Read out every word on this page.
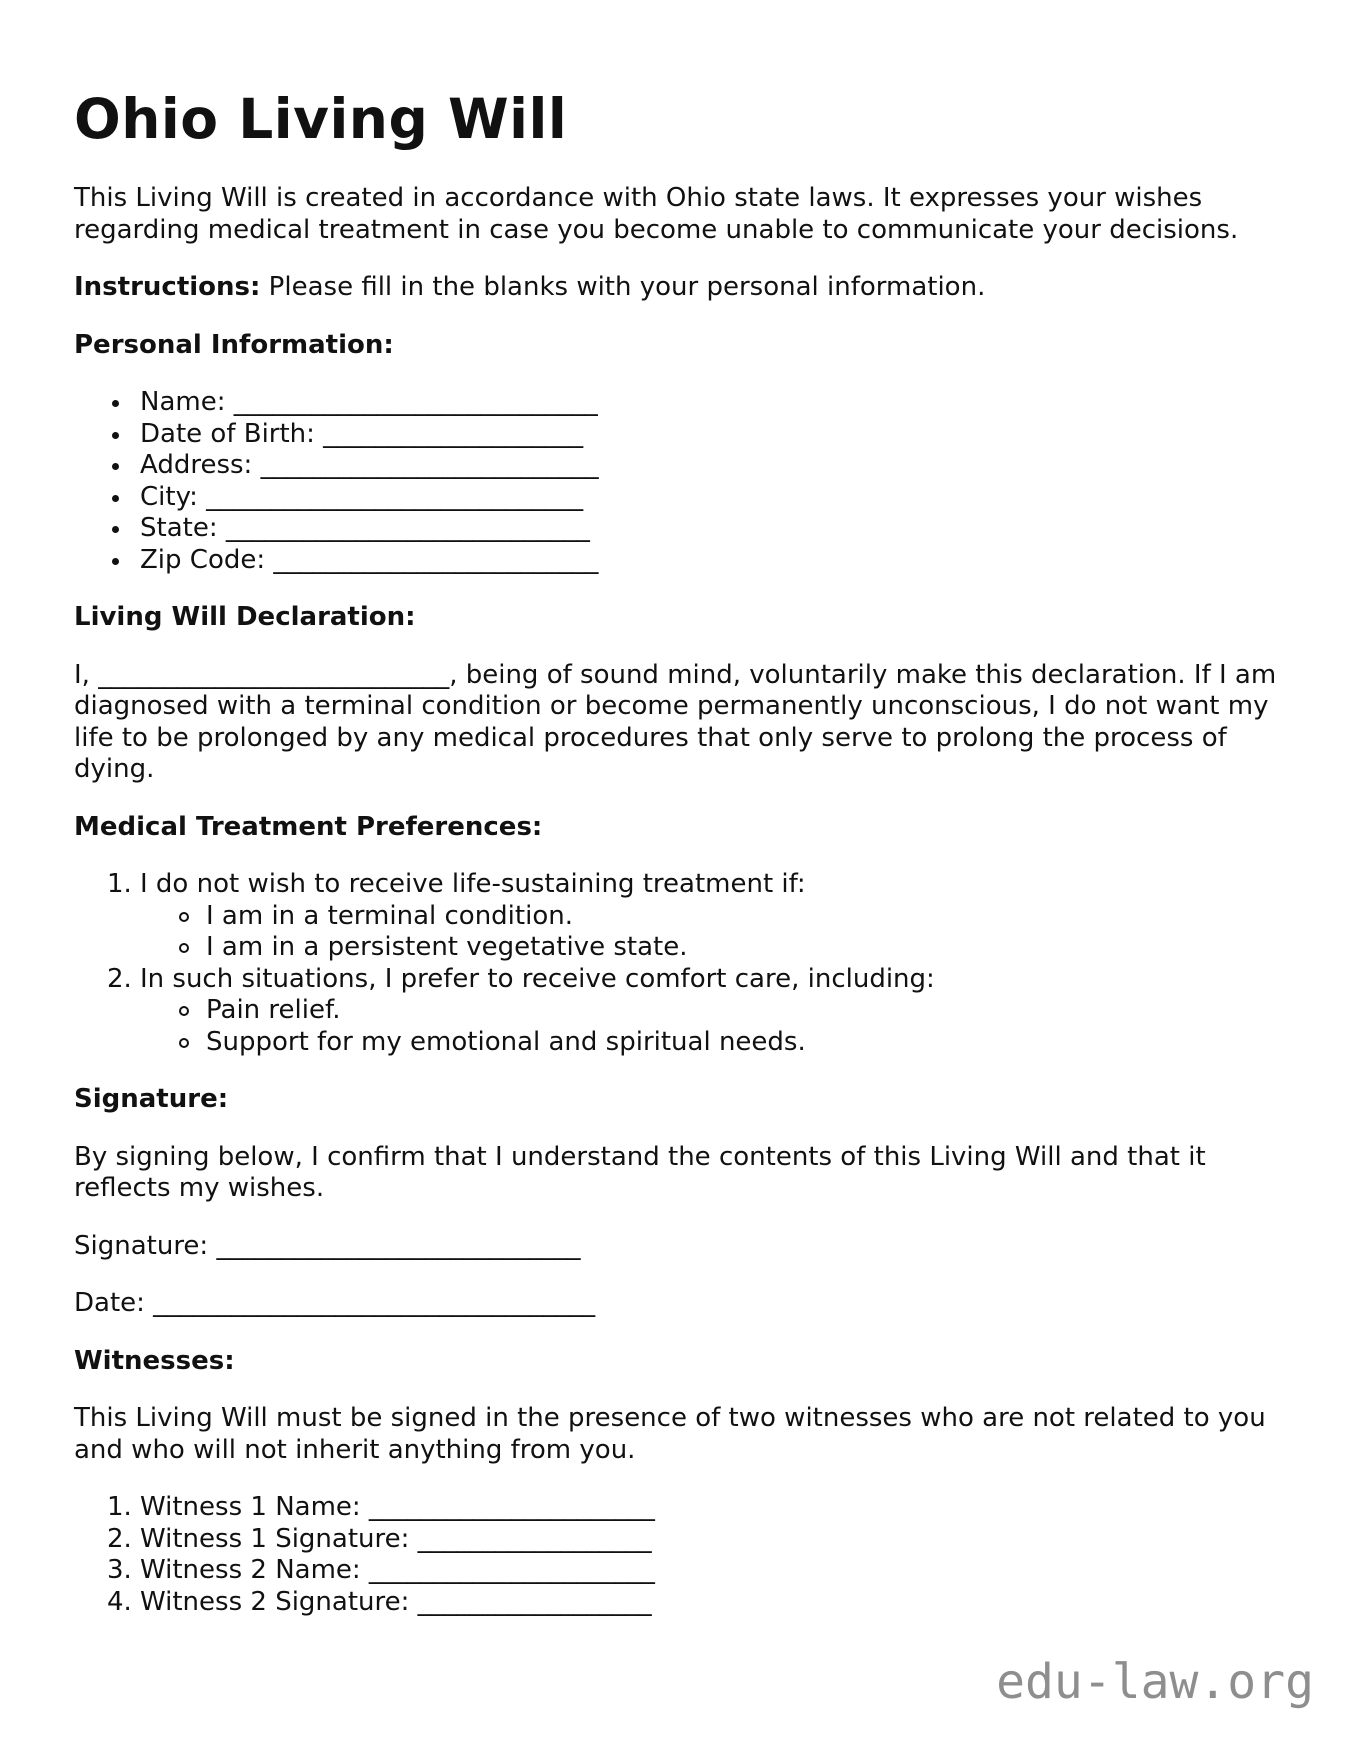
Ohio Living Will

This Living Will is created in accordance with Ohio state laws. It expresses your wishes regarding medical treatment in case you become unable to communicate your decisions.

Instructions: Please fill in the blanks with your personal information.

Personal Information:

Name: ____________________________
Date of Birth: ____________________
Address: __________________________
City: _____________________________
State: ____________________________
Zip Code: _________________________

Living Will Declaration:

I, ___________________________, being of sound mind, voluntarily make this declaration. If I am diagnosed with a terminal condition or become permanently unconscious, I do not want my life to be prolonged by any medical procedures that only serve to prolong the process of dying.

Medical Treatment Preferences:

1. I do not wish to receive life-sustaining treatment if:
I am in a terminal condition.
I am in a persistent vegetative state.
2. In such situations, I prefer to receive comfort care, including:
Pain relief.
Support for my emotional and spiritual needs.

Signature:

By signing below, I confirm that I understand the contents of this Living Will and that it reflects my wishes.

Signature: ____________________________

Date: __________________________________

Witnesses:

This Living Will must be signed in the presence of two witnesses who are not related to you and who will not inherit anything from you.

1. Witness 1 Name: ______________________
2. Witness 1 Signature: __________________
3. Witness 2 Name: ______________________
4. Witness 2 Signature: __________________
edu-law.org
